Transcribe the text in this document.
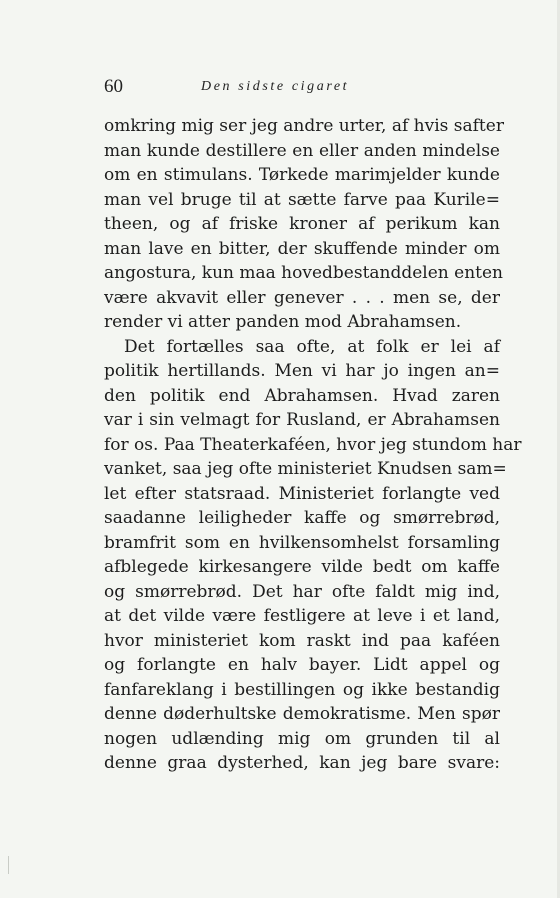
60	Den sidste cigaret
omkring mig ser jeg andre urter, af hvis safter
man kunde destillere en eller anden mindelse
om en stimulans. Tørkede marimjelder kunde
man vel bruge til at sætte farve paa Kurile=
theen, og af friske kroner af perikum kan
man lave en bitter, der skuffende minder om
angostura, kun maa hovedbestanddelen enten
være akvavit eller genever . . . men se, der
render vi atter panden mod Abrahamsen.
Det fortælles saa ofte, at folk er lei af
politik hertillands. Men vi har jo ingen an=
den politik end Abrahamsen. Hvad zaren
var i sin velmagt for Rusland, er Abrahamsen
for os. Paa Theaterkaféen, hvor jeg stundom har
vanket, saa jeg ofte ministeriet Knudsen sam=
let efter statsraad. Ministeriet forlangte ved
saadanne leiligheder kaffe og smørrebrød,
bramfrit som en hvilkensomhelst forsamling
afblegede kirkesangere vilde bedt om kaffe
og smørrebrød. Det har ofte faldt mig ind,
at det vilde være festligere at leve i et land,
hvor ministeriet kom raskt ind paa kaféen
og forlangte en halv bayer. Lidt appel og
fanfareklang i bestillingen og ikke bestandig
denne døderhultske demokratisme. Men spør
nogen udlænding mig om grunden til al
denne graa dysterhed, kan jeg bare svare:
